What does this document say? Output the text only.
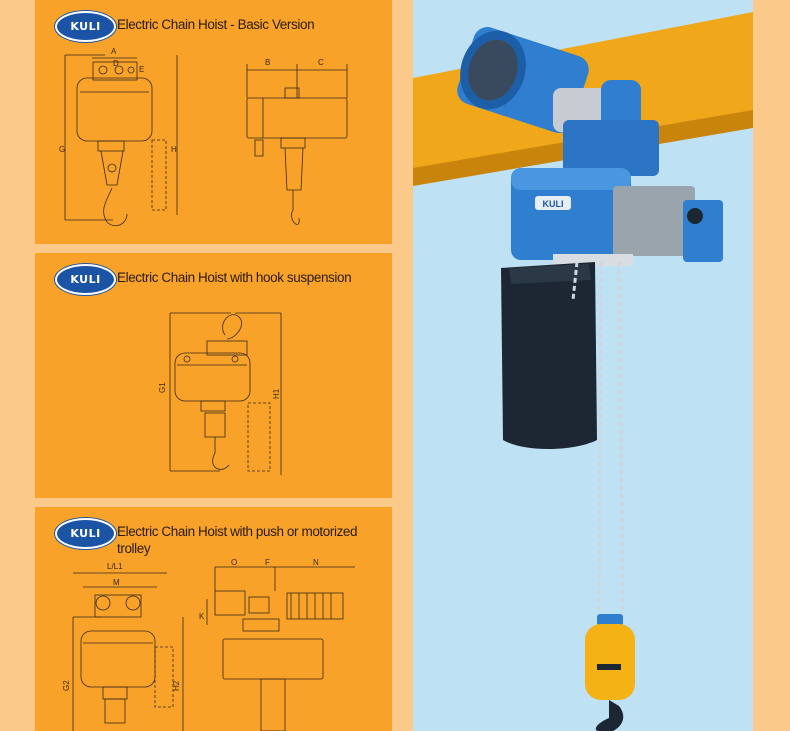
KULI Electric Chain Hoist - Basic Version
A
D
E
G	H
B	C
KULI Electric Chain Hoist with hook suspension
G1
H1
KULI Electric Chain Hoist with push or motorized trolley
L/L1
M
G2	H2
O	F	N
K
KULI
